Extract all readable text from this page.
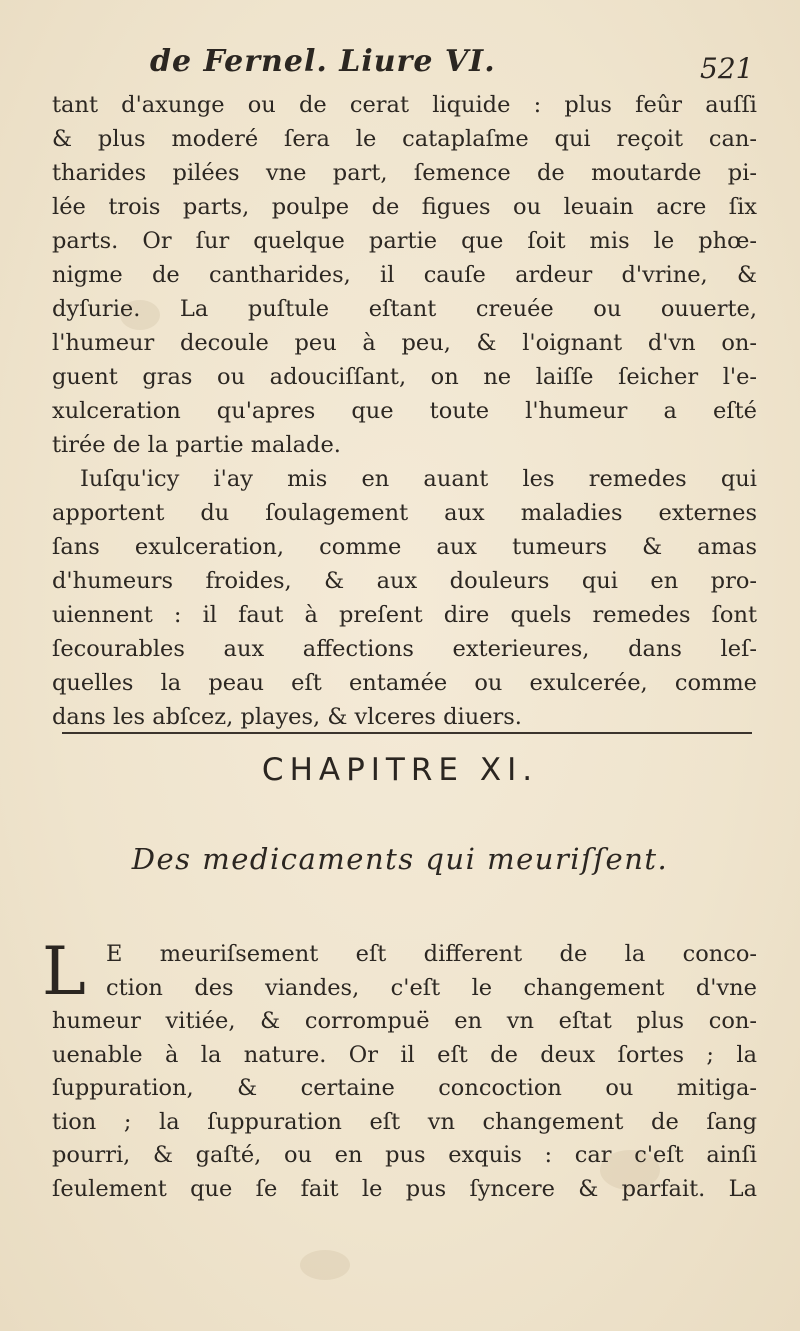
de Fernel. Liure VI.	521
tant d'axunge ou de cerat liquide : plus feûr auſſi
& plus moderé ſera le cataplaſme qui reçoit can-
tharides pilées vne part, ſemence de moutarde pi-
lée trois parts, poulpe de figues ou leuain acre ſix
parts. Or ſur quelque partie que ſoit mis le phœ-
nigme de cantharides, il cauſe ardeur d'vrine, &
dyſurie. La puſtule eſtant creuée ou ouuerte,
l'humeur decoule peu à peu, & l'oignant d'vn on-
guent gras ou adouciſſant, on ne laiſſe ſeicher l'e-
xulceration qu'apres que toute l'humeur a eſté
tirée de la partie malade.
Iuſqu'icy i'ay mis en auant les remedes qui
apportent du ſoulagement aux maladies externes
ſans exulceration, comme aux tumeurs & amas
d'humeurs froides, & aux douleurs qui en pro-
uiennent : il faut à preſent dire quels remedes ſont
ſecourables aux affections exterieures, dans leſ-
quelles la peau eſt entamée ou exulcerée, comme
dans les abſcez, playes, & vlceres diuers.
CHAPITRE XI.
Des medicaments qui meuriſſent.
L E meuriſsement eſt different de la conco-
ction des viandes, c'eſt le changement d'vne
humeur vitiée, & corrompuë en vn eſtat plus con-
uenable à la nature. Or il eſt de deux ſortes ; la
ſuppuration, & certaine concoction ou mitiga-
tion ; la ſuppuration eſt vn changement de ſang
pourri, & gaſté, ou en pus exquis : car c'eſt ainſi
ſeulement que ſe fait le pus ſyncere & parfait. La
